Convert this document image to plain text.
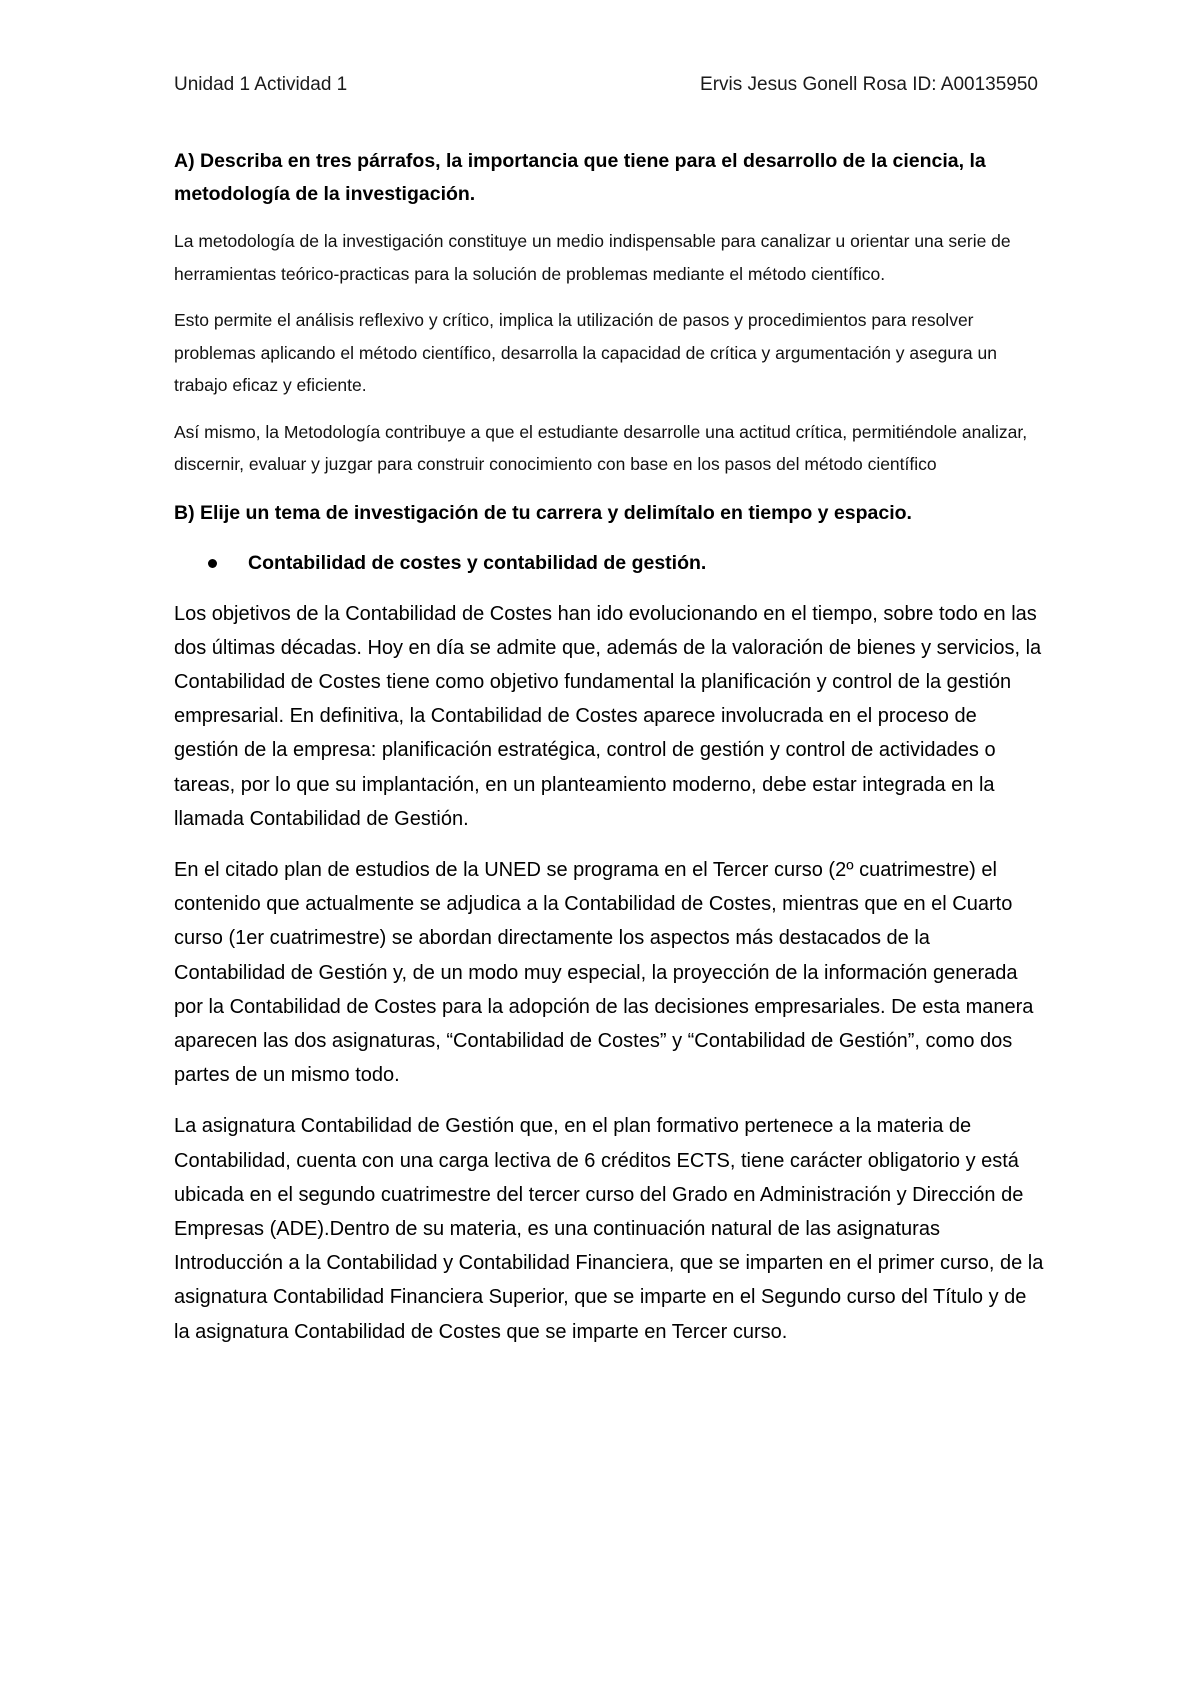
Unidad 1 Actividad 1	Ervis Jesus Gonell Rosa ID: A00135950

A) Describa en tres párrafos, la importancia que tiene para el desarrollo de la ciencia, la metodología de la investigación.

La metodología de la investigación constituye un medio indispensable para canalizar u orientar una serie de herramientas teórico-practicas para la solución de problemas mediante el método científico.

Esto permite el análisis reflexivo y crítico, implica la utilización de pasos y procedimientos para resolver problemas aplicando el método científico, desarrolla la capacidad de crítica y argumentación y asegura un trabajo eficaz y eficiente.

Así mismo, la Metodología contribuye a que el estudiante desarrolle una actitud crítica, permitiéndole analizar, discernir, evaluar y juzgar para construir conocimiento con base en los pasos del método científico

B) Elije un tema de investigación de tu carrera y delimítalo en tiempo y espacio.

Contabilidad de costes y contabilidad de gestión.

Los objetivos de la Contabilidad de Costes han ido evolucionando en el tiempo, sobre todo en las dos últimas décadas. Hoy en día se admite que, además de la valoración de bienes y servicios, la Contabilidad de Costes tiene como objetivo fundamental la planificación y control de la gestión empresarial. En definitiva, la Contabilidad de Costes aparece involucrada en el proceso de gestión de la empresa: planificación estratégica, control de gestión y control de actividades o tareas, por lo que su implantación, en un planteamiento moderno, debe estar integrada en la llamada Contabilidad de Gestión.

En el citado plan de estudios de la UNED se programa en el Tercer curso (2º cuatrimestre) el contenido que actualmente se adjudica a la Contabilidad de Costes, mientras que en el Cuarto curso (1er cuatrimestre) se abordan directamente los aspectos más destacados de la Contabilidad de Gestión y, de un modo muy especial, la proyección de la información generada por la Contabilidad de Costes para la adopción de las decisiones empresariales. De esta manera aparecen las dos asignaturas, “Contabilidad de Costes” y “Contabilidad de Gestión”, como dos partes de un mismo todo.

La asignatura Contabilidad de Gestión que, en el plan formativo pertenece a la materia de Contabilidad, cuenta con una carga lectiva de 6 créditos ECTS, tiene carácter obligatorio y está ubicada en el segundo cuatrimestre del tercer curso del Grado en Administración y Dirección de Empresas (ADE).Dentro de su materia, es una continuación natural de las asignaturas Introducción a la Contabilidad y Contabilidad Financiera, que se imparten en el primer curso, de la asignatura Contabilidad Financiera Superior, que se imparte en el Segundo curso del Título y de la asignatura Contabilidad de Costes que se imparte en Tercer curso.
